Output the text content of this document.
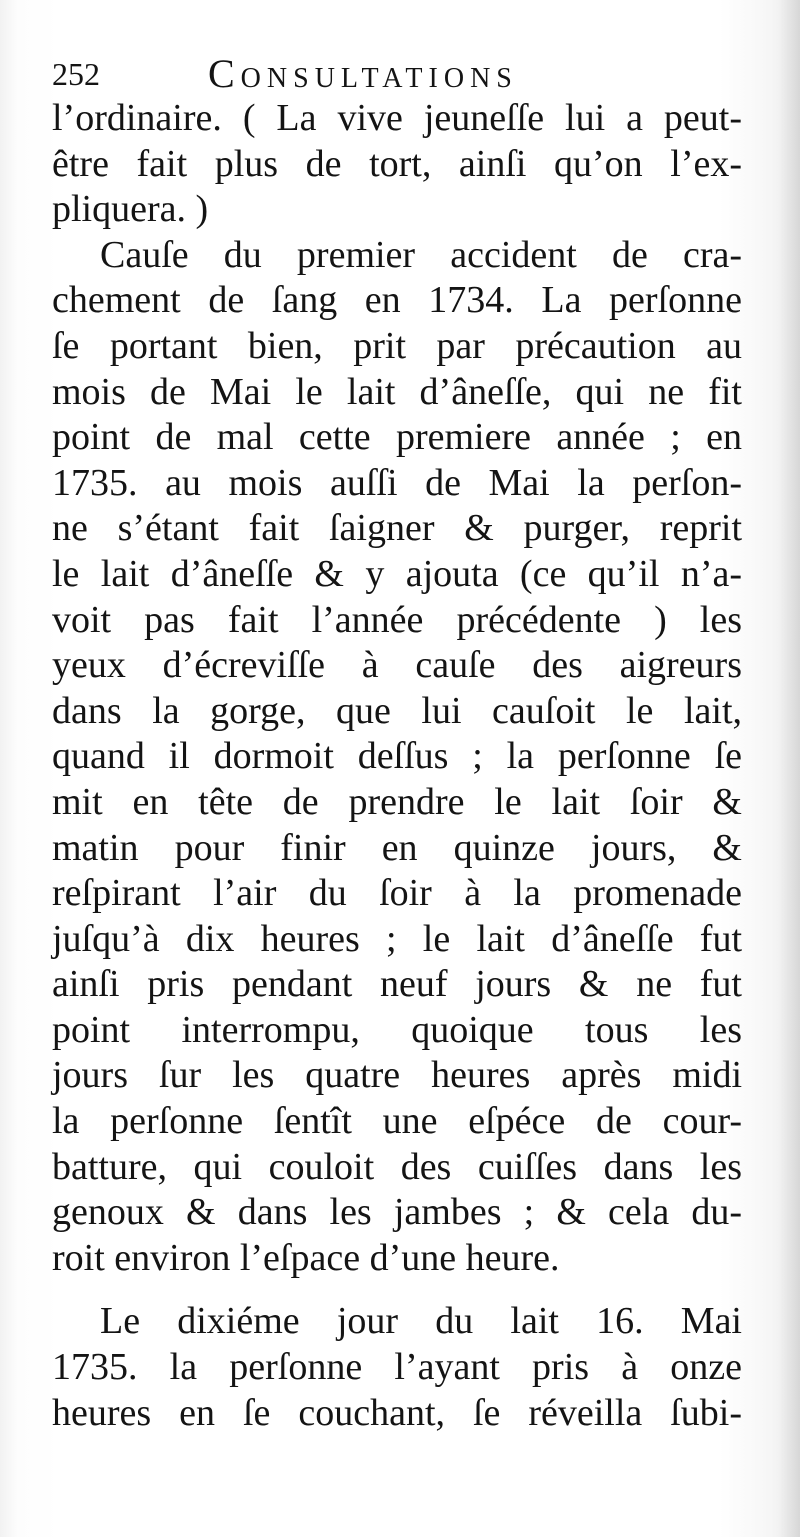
252	Consultations
l’ordinaire. ( La vive jeuneſſe lui a peut-
être fait plus de tort, ainſi qu’on l’ex-
pliquera. )
Cauſe du premier accident de cra-
chement de ſang en 1734. La perſonne
ſe portant bien, prit par précaution au
mois de Mai le lait d’âneſſe, qui ne fit
point de mal cette premiere année ; en
1735. au mois auſſi de Mai la perſon-
ne s’étant fait ſaigner & purger, reprit
le lait d’âneſſe & y ajouta (ce qu’il n’a-
voit pas fait l’année précédente ) les
yeux d’écreviſſe à cauſe des aigreurs
dans la gorge, que lui cauſoit le lait,
quand il dormoit deſſus ; la perſonne ſe
mit en tête de prendre le lait ſoir &
matin pour finir en quinze jours, &
reſpirant l’air du ſoir à la promenade
juſqu’à dix heures ; le lait d’âneſſe fut
ainſi pris pendant neuf jours & ne fut
point interrompu, quoique tous les
jours ſur les quatre heures après midi
la perſonne ſentît une eſpéce de cour-
batture, qui couloit des cuiſſes dans les
genoux & dans les jambes ; & cela du-
roit environ l’eſpace d’une heure.
Le dixiéme jour du lait 16. Mai
1735. la perſonne l’ayant pris à onze
heures en ſe couchant, ſe réveilla ſubi-
